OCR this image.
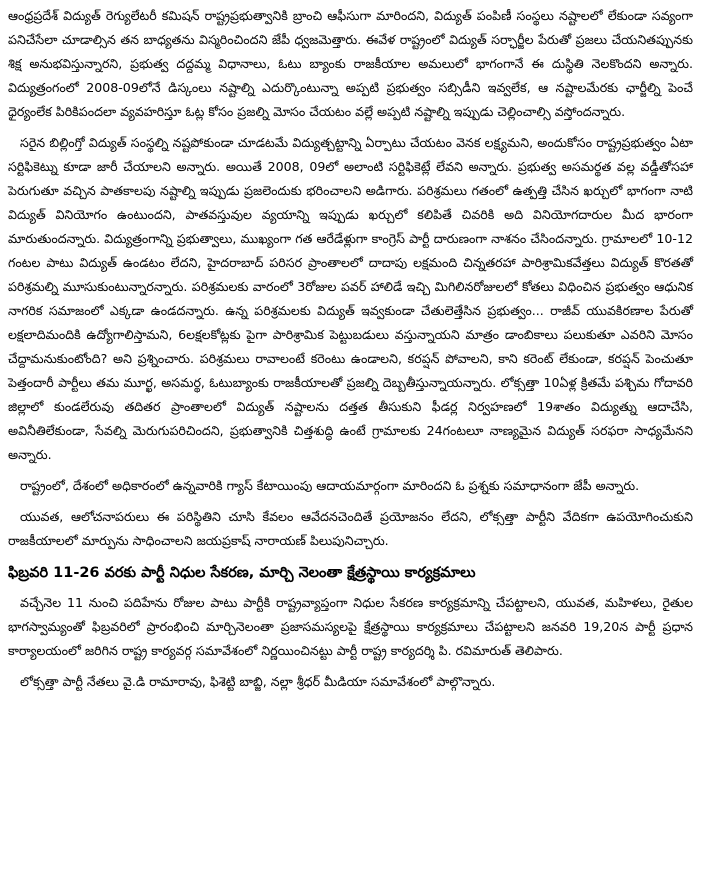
ఆంధ్రప్రదేశ్ విద్యుత్ రెగ్యులేటరీ కమిషన్ రాష్ట్రప్రభుత్వానికి బ్రాంచి ఆఫీసుగా మారిందని, విద్యుత్ పంపిణీ సంస్థలు నష్టాలలో లేకుండా సవ్యంగా పనిచేసేలా చూడాల్సిన తన బాధ్యతను విస్మరించిందని జేపీ ధ్వజమెత్తారు. ఈవేళ రాష్ట్రంలో విద్యుత్ సర్ఛార్జీల పేరుతో ప్రజలు చేయనితప్పునకు శిక్ష అనుభవిస్తున్నారని, ప్రభుత్వ దద్దమ్మ విధానాలు, ఓటు బ్యాంకు రాజకీయాల అమలులో భాగంగానే ఈ దుస్థితి నెలకొందని అన్నారు. విద్యుత్రంగంలో 2008-09లోనే డిస్కంలు నష్టాల్ని ఎదుర్కొంటున్నా అప్పటి ప్రభుత్వం సబ్సిడీని ఇవ్వలేక, ఆ నష్టాలమేరకు ఛార్జీల్ని పెంచే ధైర్యంలేక పిరికిపందలా వ్యవహరిస్తూ ఓట్ల కోసం ప్రజల్ని మోసం చేయటం వల్లే అప్పటి నష్టాల్ని ఇప్పుడు చెల్లించాల్సి వస్తోందన్నారు.

సరైన బిల్లింగ్తో విద్యుత్ సంస్థల్ని నష్టపోకుండా చూడటమే విద్యుత్చట్టాన్ని ఏర్పాటు చేయటం వెనక లక్ష్యమని, అందుకోసం రాష్ట్రప్రభుత్వం ఏటా సర్టిఫికెట్ను కూడా జారీ చేయాలని అన్నారు. అయితే 2008, 09లో అలాంటి సర్టిఫికెట్లే లేవని అన్నారు. ప్రభుత్వ అసమర్థత వల్ల వడ్డీతోసహా పెరుగుతూ వచ్చిన పాతకాలపు నష్టాల్ని ఇప్పుడు ప్రజలెందుకు భరించాలని అడిగారు. పరిశ్రమలు గతంలో ఉత్పత్తి చేసిన ఖర్చులో భాగంగా నాటి విద్యుత్ వినియోగం ఉంటుందని, పాతవస్తువుల వ్యయాన్ని ఇప్పుడు ఖర్చులో కలిపితే చివరికి అది వినియోగదారుల మీద భారంగా మారుతుందన్నారు. విద్యుత్రంగాన్ని ప్రభుత్వాలు, ముఖ్యంగా గత ఆరేడేళ్లుగా కాంగ్రెస్ పార్టీ దారుణంగా నాశనం చేసిందన్నారు. గ్రామాలలో 10-12 గంటల పాటు విద్యుత్ ఉండటం లేదని, హైదరాబాద్ పరిసర ప్రాంతాలలో దాదాపు లక్షమంది చిన్నతరహా పారిశ్రామికవేత్తలు విద్యుత్ కొరతతో పరిశ్రమల్ని మూసుకుంటున్నారన్నారు. పరిశ్రమలకు వారంలో 3రోజుల పవర్ హాలిడే ఇచ్చి మిగిలినరోజులలో కోతలు విధించిన ప్రభుత్వం ఆధునిక నాగరిక సమాజంలో ఎక్కడా ఉండదన్నారు. ఉన్న పరిశ్రమలకు విద్యుత్ ఇవ్వకుండా చేతులెత్తేసిన ప్రభుత్వం... రాజీవ్ యువకిరణాల పేరుతో లక్షలాదిమందికి ఉద్యోగాలిస్తామని, 6లక్షలకోట్లకు పైగా పారిశ్రామిక పెట్టుబడులు వస్తున్నాయని మాత్రం డాంబికాలు పలుకుతూ ఎవరిని మోసం చేద్దామనుకుంటోంది? అని ప్రశ్నించారు. పరిశ్రమలు రావాలంటే కరెంటు ఉండాలని, కరప్షన్ పోవాలని, కాని కరెంట్ లేకుండా, కరప్షన్ పెంచుతూ పెత్తందారీ పార్టీలు తమ మూర్ఖ, అసమర్థ, ఓటుబ్యాంకు రాజకీయాలతో ప్రజల్ని దెబ్బతీస్తున్నాయన్నారు. లోక్సత్తా 10ఏళ్ల క్రితమే పశ్చిమ గోదావరి జిల్లాలో కుండలేరువు తదితర ప్రాంతాలలో విద్యుత్ నష్టాలను దత్తత తీసుకుని ఫీడర్ల నిర్వహణలో 19శాతం విద్యుత్ను ఆదాచేసి, అవినీతిలేకుండా, సేవల్ని మెరుగుపరిచిందని, ప్రభుత్వానికి చిత్తశుద్ధి ఉంటే గ్రామాలకు 24గంటలూ నాణ్యమైన విద్యుత్ సరఫరా సాధ్యమేనని అన్నారు.

రాష్ట్రంలో, దేశంలో అధికారంలో ఉన్నవారికి గ్యాస్ కేటాయింపు ఆదాయమార్గంగా మారిందని ఓ ప్రశ్నకు సమాధానంగా జేపీ అన్నారు.

యువత, ఆలోచనాపరులు ఈ పరిస్థితిని చూసి కేవలం ఆవేదనచెందితే ప్రయోజనం లేదని, లోక్సత్తా పార్టీని వేదికగా ఉపయోగించుకుని రాజకీయాలలో మార్పును సాధించాలని జయప్రకాష్ నారాయణ్ పిలుపునిచ్చారు.

ఫిబ్రవరి 11-26 వరకు పార్టీ నిధుల సేకరణ, మార్చి నెలంతా క్షేత్రస్థాయి కార్యక్రమాలు

వచ్చేనెల 11 నుంచి పదిహేను రోజుల పాటు పార్టీకి రాష్ట్రవ్యాప్తంగా నిధుల సేకరణ కార్యక్రమాన్ని చేపట్టాలని, యువత, మహిళలు, రైతుల భాగస్వామ్యంతో ఫిబ్రవరిలో ప్రారంభించి మార్చినెలంతా ప్రజాసమస్యలపై క్షేత్రస్థాయి కార్యక్రమాలు చేపట్టాలని జనవరి 19,20న పార్టీ ప్రధాన కార్యాలయంలో జరిగిన రాష్ట్ర కార్యవర్గ సమావేశంలో నిర్ణయించినట్టు పార్టీ రాష్ట్ర కార్యదర్శి పి. రవిమారుత్ తెలిపారు.

లోక్సత్తా పార్టీ నేతలు వై.డి రామారావు, ఫిశెట్టి బాబ్జి, నల్లా శ్రీధర్ మీడియా సమావేశంలో పాల్గొన్నారు.
